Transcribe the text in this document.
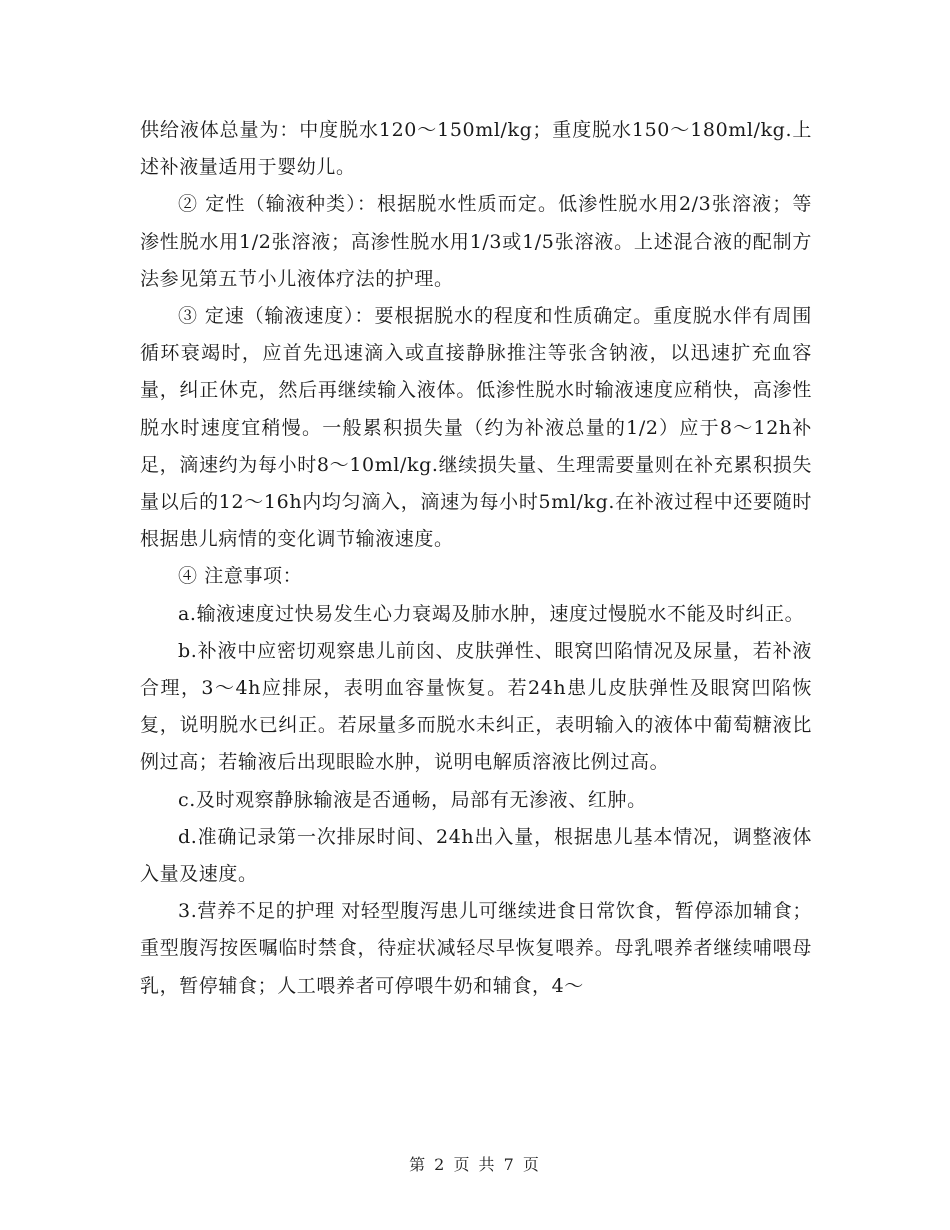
供给液体总量为：中度脱水120～150ml/kg；重度脱水150～180ml/kg.上述补液量适用于婴幼儿。

② 定性（输液种类）：根据脱水性质而定。低渗性脱水用2/3张溶液；等渗性脱水用1/2张溶液；高渗性脱水用1/3或1/5张溶液。上述混合液的配制方法参见第五节小儿液体疗法的护理。

③ 定速（输液速度）：要根据脱水的程度和性质确定。重度脱水伴有周围循环衰竭时，应首先迅速滴入或直接静脉推注等张含钠液，以迅速扩充血容量，纠正休克，然后再继续输入液体。低渗性脱水时输液速度应稍快，高渗性脱水时速度宜稍慢。一般累积损失量（约为补液总量的1/2）应于8～12h补足，滴速约为每小时8～10ml/kg.继续损失量、生理需要量则在补充累积损失量以后的12～16h内均匀滴入，滴速为每小时5ml/kg.在补液过程中还要随时根据患儿病情的变化调节输液速度。

④ 注意事项：

a.输液速度过快易发生心力衰竭及肺水肿，速度过慢脱水不能及时纠正。

b.补液中应密切观察患儿前囟、皮肤弹性、眼窝凹陷情况及尿量，若补液合理，3～4h应排尿，表明血容量恢复。若24h患儿皮肤弹性及眼窝凹陷恢复，说明脱水已纠正。若尿量多而脱水未纠正，表明输入的液体中葡萄糖液比例过高；若输液后出现眼睑水肿，说明电解质溶液比例过高。

c.及时观察静脉输液是否通畅，局部有无渗液、红肿。

d.准确记录第一次排尿时间、24h出入量，根据患儿基本情况，调整液体入量及速度。

3.营养不足的护理 对轻型腹泻患儿可继续进食日常饮食，暂停添加辅食；重型腹泻按医嘱临时禁食，待症状减轻尽早恢复喂养。母乳喂养者继续哺喂母乳，暂停辅食；人工喂养者可停喂牛奶和辅食，4～

第 2 页 共 7 页
